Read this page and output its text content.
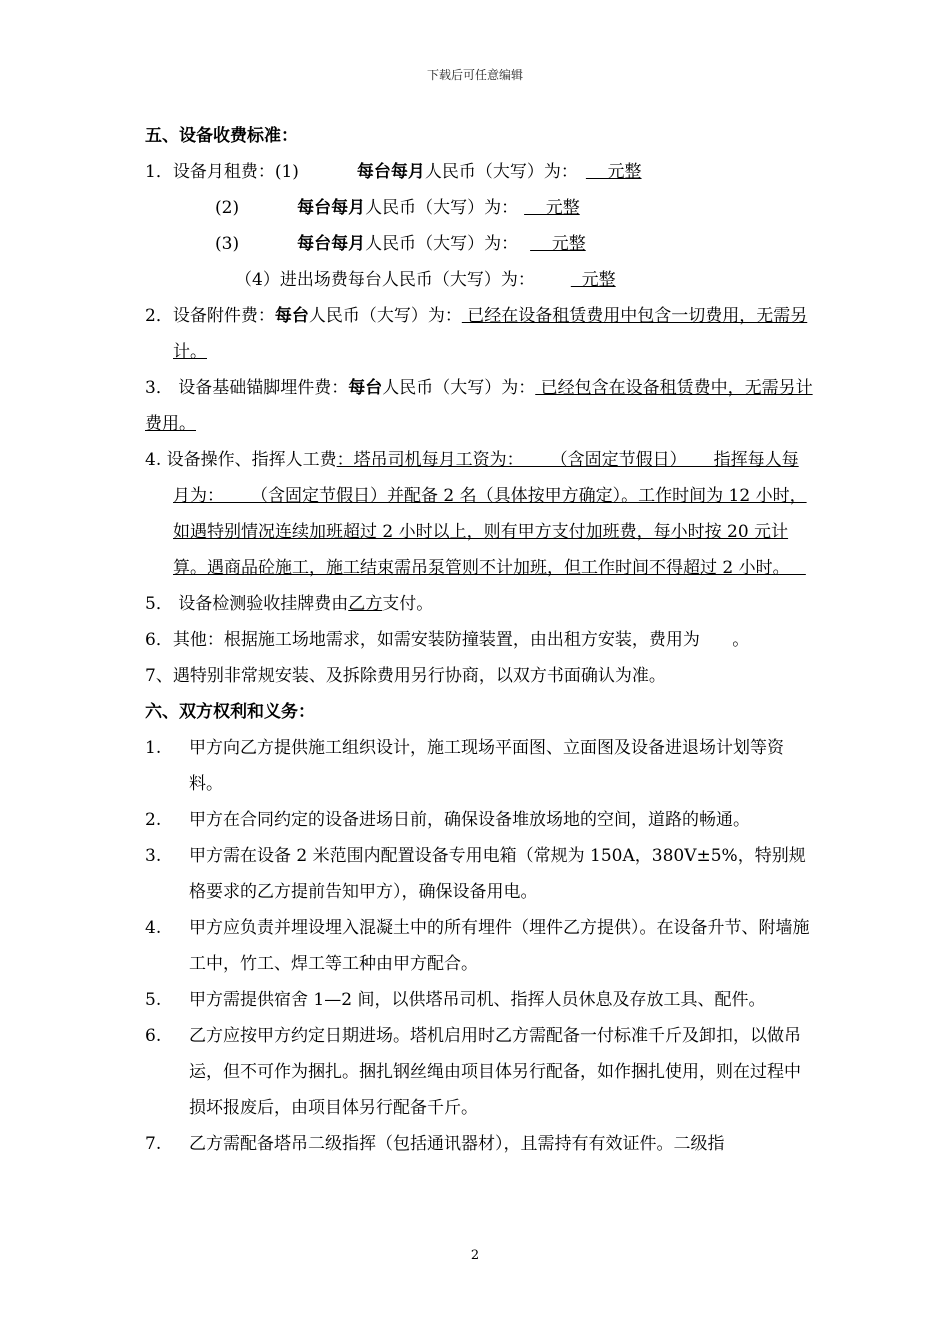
下载后可任意编辑
五、设备收费标准：
1．设备月租费：(1)	每台每月人民币（大写）为：    元整
(2)	每台每月人民币（大写）为：    元整
(3)	每台每月人民币（大写）为：    元整
（4）进出场费每台人民币（大写）为：  元整
2．设备附件费：每台人民币（大写）为： 已经在设备租赁费用中包含一切费用，无需另计。
3． 设备基础锚脚埋件费：每台人民币（大写）为： 已经包含在设备租赁费中，无需另计费用。
4. 设备操作、指挥人工费：塔吊司机每月工资为：     （含固定节假日）     指挥每人每月为：     （含固定节假日）并配备 2 名（具体按甲方确定）。工作时间为 12 小时，如遇特别情况连续加班超过 2 小时以上，则有甲方支付加班费，每小时按 20 元计算。遇商品砼施工，施工结束需吊泵管则不计加班，但工作时间不得超过 2 小时。
5． 设备检测验收挂牌费由乙方支付。
6．其他：根据施工场地需求，如需安装防撞装置，由出租方安装，费用为      。
7、遇特别非常规安装、及拆除费用另行协商，以双方书面确认为准。
六、双方权利和义务：
1. 甲方向乙方提供施工组织设计，施工现场平面图、立面图及设备进退场计划等资料。
2. 甲方在合同约定的设备进场日前，确保设备堆放场地的空间，道路的畅通。
3. 甲方需在设备 2 米范围内配置设备专用电箱（常规为 150A，380V±5%，特别规格要求的乙方提前告知甲方），确保设备用电。
4. 甲方应负责并埋设埋入混凝土中的所有埋件（埋件乙方提供）。在设备升节、附墙施工中，竹工、焊工等工种由甲方配合。
5. 甲方需提供宿舍 1—2 间，以供塔吊司机、指挥人员休息及存放工具、配件。
6. 乙方应按甲方约定日期进场。塔机启用时乙方需配备一付标准千斤及卸扣，以做吊运，但不可作为捆扎。捆扎钢丝绳由项目体另行配备，如作捆扎使用，则在过程中损坏报废后，由项目体另行配备千斤。
7. 乙方需配备塔吊二级指挥（包括通讯器材），且需持有有效证件。二级指
2
